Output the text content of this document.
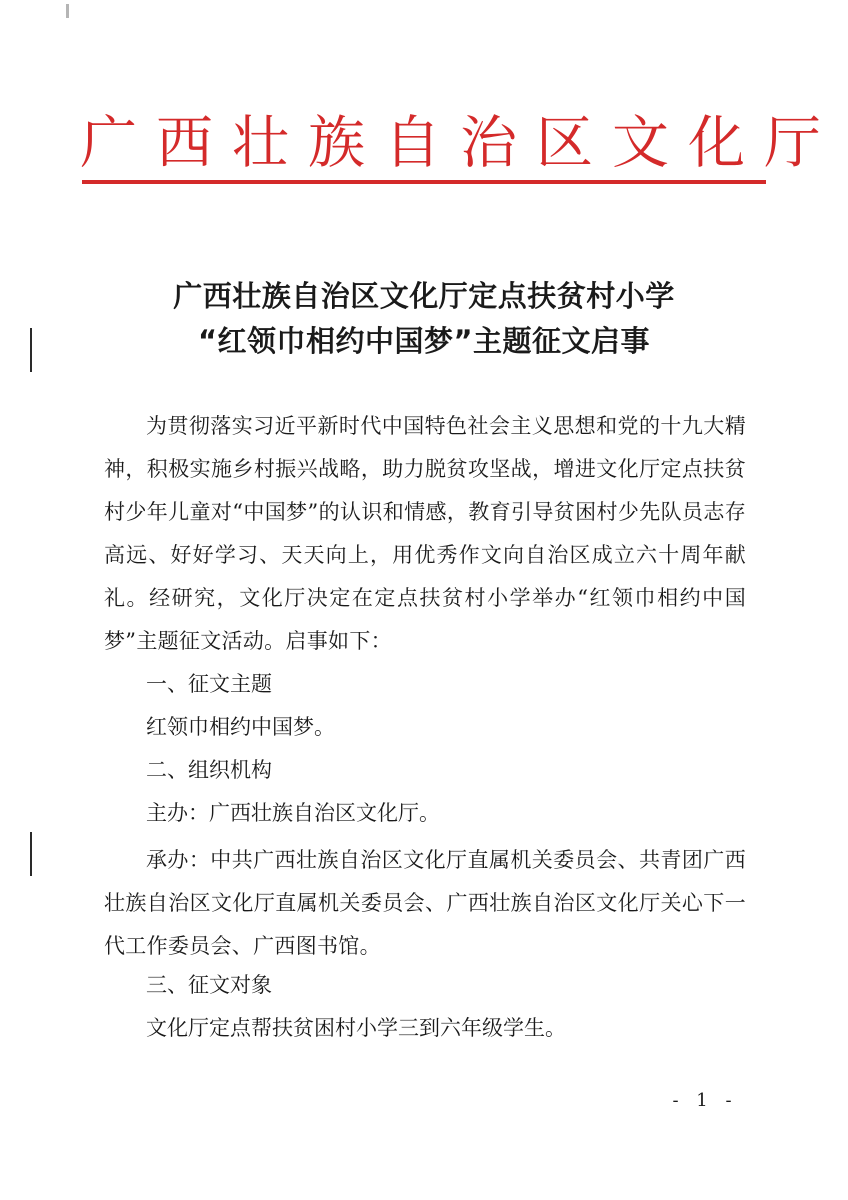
广西壮族自治区文化厅
广西壮族自治区文化厅定点扶贫村小学
“红领巾相约中国梦”主题征文启事
为贯彻落实习近平新时代中国特色社会主义思想和党的十九大精神，积极实施乡村振兴战略，助力脱贫攻坚战，增进文化厅定点扶贫村少年儿童对“中国梦”的认识和情感，教育引导贫困村少先队员志存高远、好好学习、天天向上，用优秀作文向自治区成立六十周年献礼。经研究，文化厅决定在定点扶贫村小学举办“红领巾相约中国梦”主题征文活动。启事如下：
一、征文主题
红领巾相约中国梦。
二、组织机构
主办：广西壮族自治区文化厅。
承办：中共广西壮族自治区文化厅直属机关委员会、共青团广西壮族自治区文化厅直属机关委员会、广西壮族自治区文化厅关心下一代工作委员会、广西图书馆。
三、征文对象
文化厅定点帮扶贫困村小学三到六年级学生。
- 1 -
